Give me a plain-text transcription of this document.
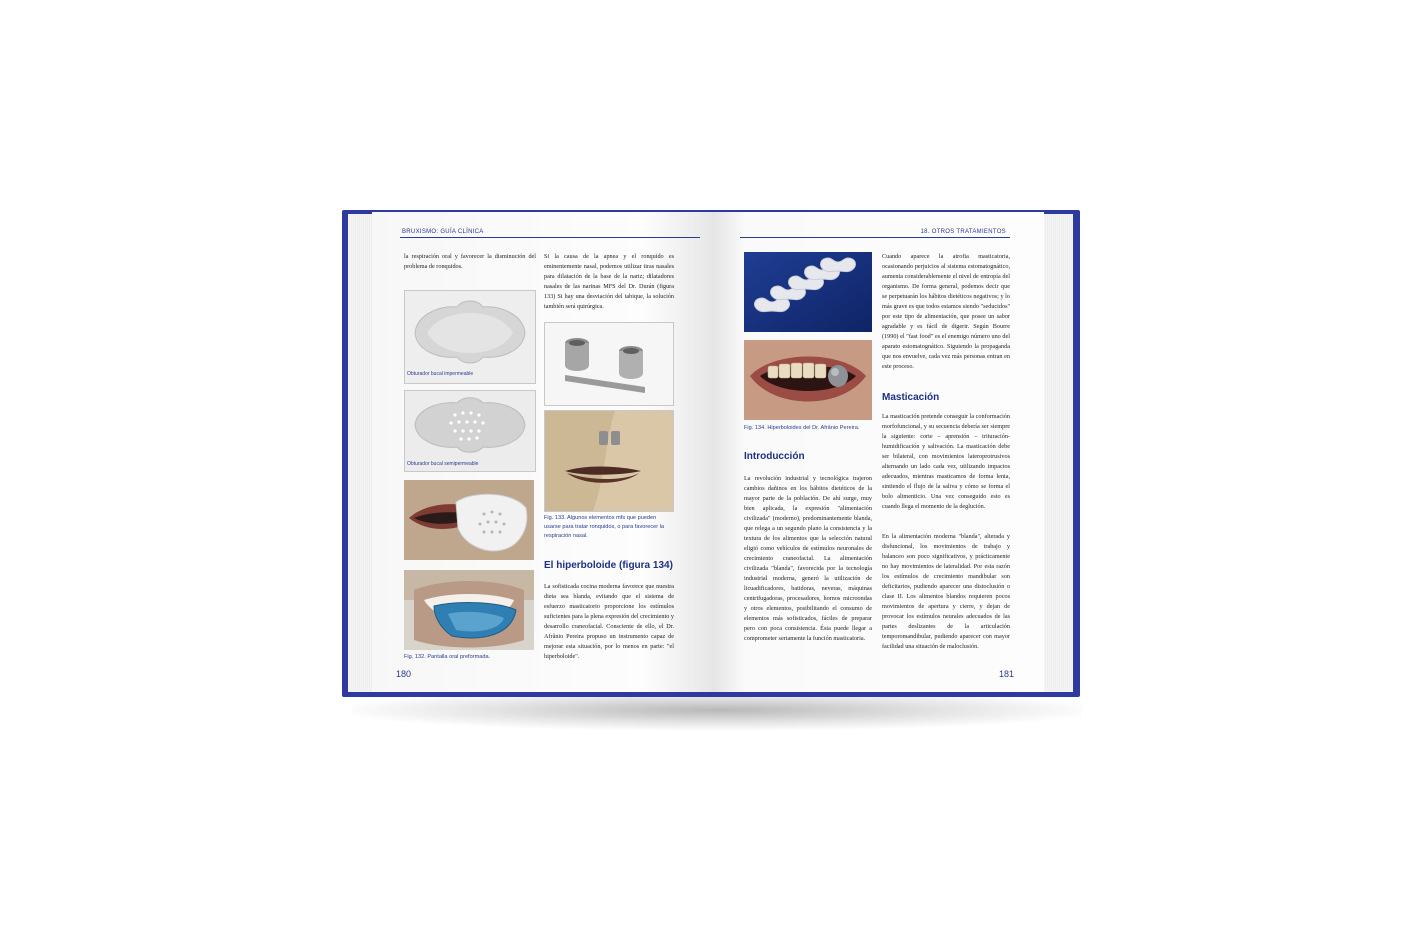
BRUXISMO: GUÍA CLÍNICA
la respiración oral y favorecer la disminución del problema de ronquidos.
Obturador bucal impermeable
Obturador bucal semipermeable
Fig. 132. Pantalla oral preformada.
Si la causa de la apnea y el ronquido es eminentemente nasal, podemos utilizar tiras nasales para dilatación de la base de la nariz; dilatadores nasales de las narinas MFS del Dr. Durán (figura 133) Si hay una desviación del tabique, la solución también será quirúrgica.
Fig. 133. Algunos elementos mfs que pueden usarse para tratar ronquidos, o para favorecer la respiración nasal.
El hiperboloide (figura 134)
La sofisticada cocina moderna favorece que nuestra dieta sea blanda, evitando que el sistema de esfuerzo masticatorio proporcione los estímulos suficientes para la plena expresión del crecimiento y desarrollo craneofacial. Consciente de ello, el Dr. Afrânio Pereira propuso un instrumento capaz de mejorar esta situación, por lo menos en parte: "el hiperboloide".
180
18. OTROS TRATAMIENTOS
Fig. 134. Hiperboloides del Dr. Afrânio Pereira.
Introducción
La revolución industrial y tecnológica trajeron cambios dañinos en los hábitos dietéticos de la mayor parte de la población. De ahí surge, muy bien aplicada, la expresión "alimentación civilizada" (moderno), predominantemente blanda, que relega a un segundo plano la consistencia y la textura de los alimentos que la selección natural eligió como vehículos de estímulos neuronales de crecimiento craneofacial. La alimentación civilizada "blanda", favorecida por la tecnología industrial moderna, generó la utilización de licuadificadores, batidoras, neveras, máquinas centrifugadoras, procesadores, hornos microondas y otros elementos, posibilitando el consumo de elementos más sofisticados, fáciles de preparar pero con poca consistencia. Ésta puede llegar a comprometer seriamente la función masticatoria.
Cuando aparece la atrofia masticatoria, ocasionando perjuicios al sistema estomatognático, aumenta considerablemente el nivel de entropía del organismo. De forma general, podemos decir que se perpetuarán los hábitos dietéticos negativos; y lo más grave es que todos estamos siendo "seducidos" por este tipo de alimentación, que posee un sabor agradable y es fácil de digerir. Según Bourre (1990) el "fast food" es el enemigo número uno del aparato estomatognático. Siguiendo la propaganda que nos envuelve, cada vez más personas entran en este proceso.
Masticación
La masticación pretende conseguir la conformación morfofuncional, y su secuencia debería ser siempre la siguiente: corte – aprensión – trituración- humidificación y salivación. La masticación debe ser bilateral, con movimientos lateroprotrusivos alternando un lado cada vez, utilizando impactos adecuados, mientras masticamos de forma lenta, sintiendo el flujo de la saliva y cómo se forma el bolo alimenticio. Una vez conseguido esto es cuando llega el momento de la deglución.
En la alimentación moderna "blanda", alterada y disfuncional, los movimientos de trabajo y balanceo son poco significativos, y prácticamente no hay movimientos de lateralidad. Por esta razón los estímulos de crecimiento mandibular son deficitarios, pudiendo aparecer una distoclusión o clase II. Los alimentos blandos requieren pocos movimientos de apertura y cierre, y dejan de provocar los estímulos neurales adecuados de las partes deslizantes de la articulación temporomandibular, pudiendo aparecer con mayor facilidad una situación de maloclusión.
181
